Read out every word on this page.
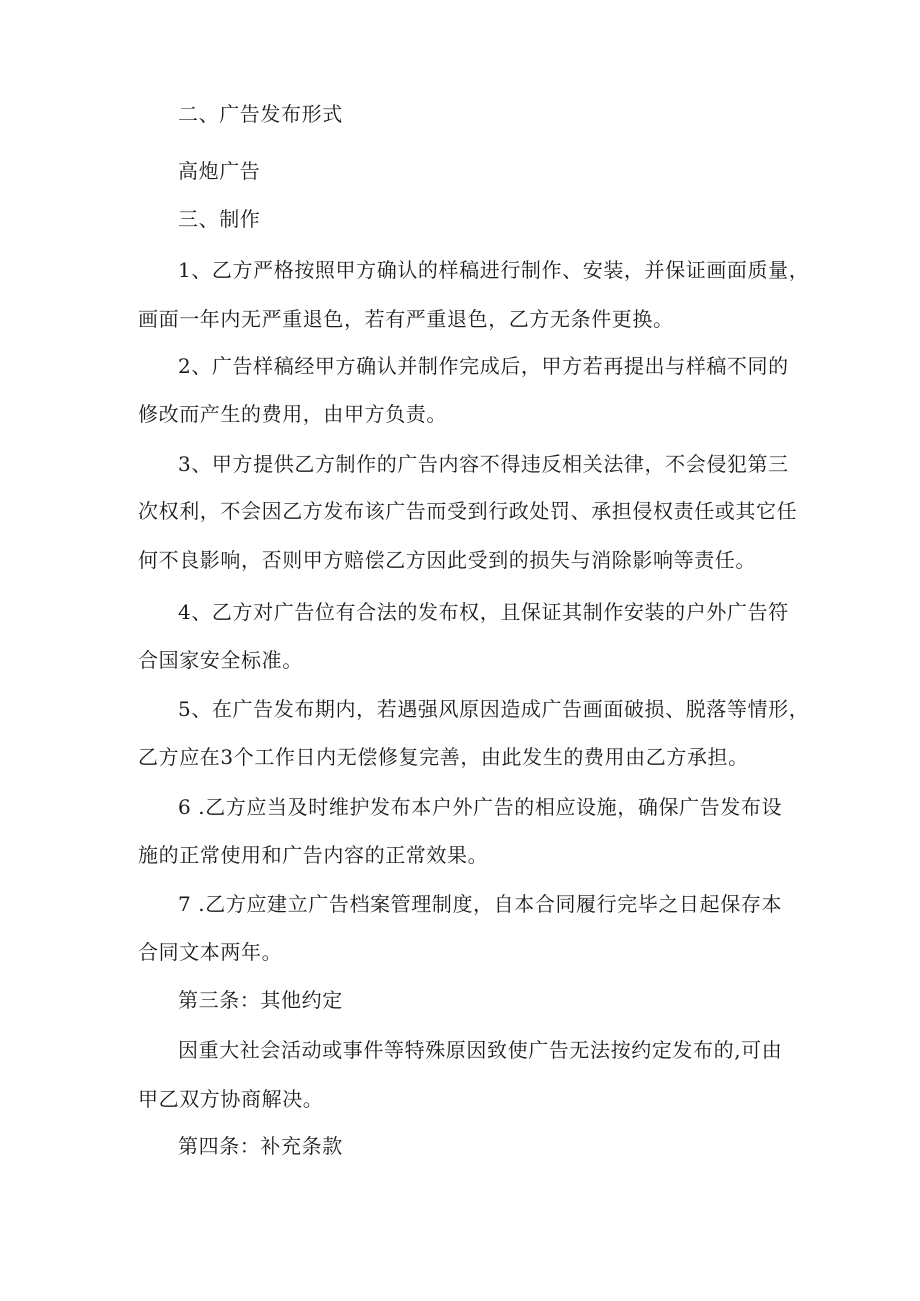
二、广告发布形式
高炮广告
三、制作
1、乙方严格按照甲方确认的样稿进行制作、安装，并保证画面质量，
画面一年内无严重退色，若有严重退色，乙方无条件更换。
2、广告样稿经甲方确认并制作完成后，甲方若再提出与样稿不同的
修改而产生的费用，由甲方负责。
3、甲方提供乙方制作的广告内容不得违反相关法律，不会侵犯第三
次权利，不会因乙方发布该广告而受到行政处罚、承担侵权责任或其它任
何不良影响，否则甲方赔偿乙方因此受到的损失与消除影响等责任。
4、乙方对广告位有合法的发布权，且保证其制作安装的户外广告符
合国家安全标准。
5、在广告发布期内，若遇强风原因造成广告画面破损、脱落等情形，
乙方应在3个工作日内无偿修复完善，由此发生的费用由乙方承担。
6 .乙方应当及时维护发布本户外广告的相应设施，确保广告发布设
施的正常使用和广告内容的正常效果。
7 .乙方应建立广告档案管理制度，自本合同履行完毕之日起保存本
合同文本两年。
第三条：其他约定
因重大社会活动或事件等特殊原因致使广告无法按约定发布的,可由
甲乙双方协商解决。
第四条：补充条款
